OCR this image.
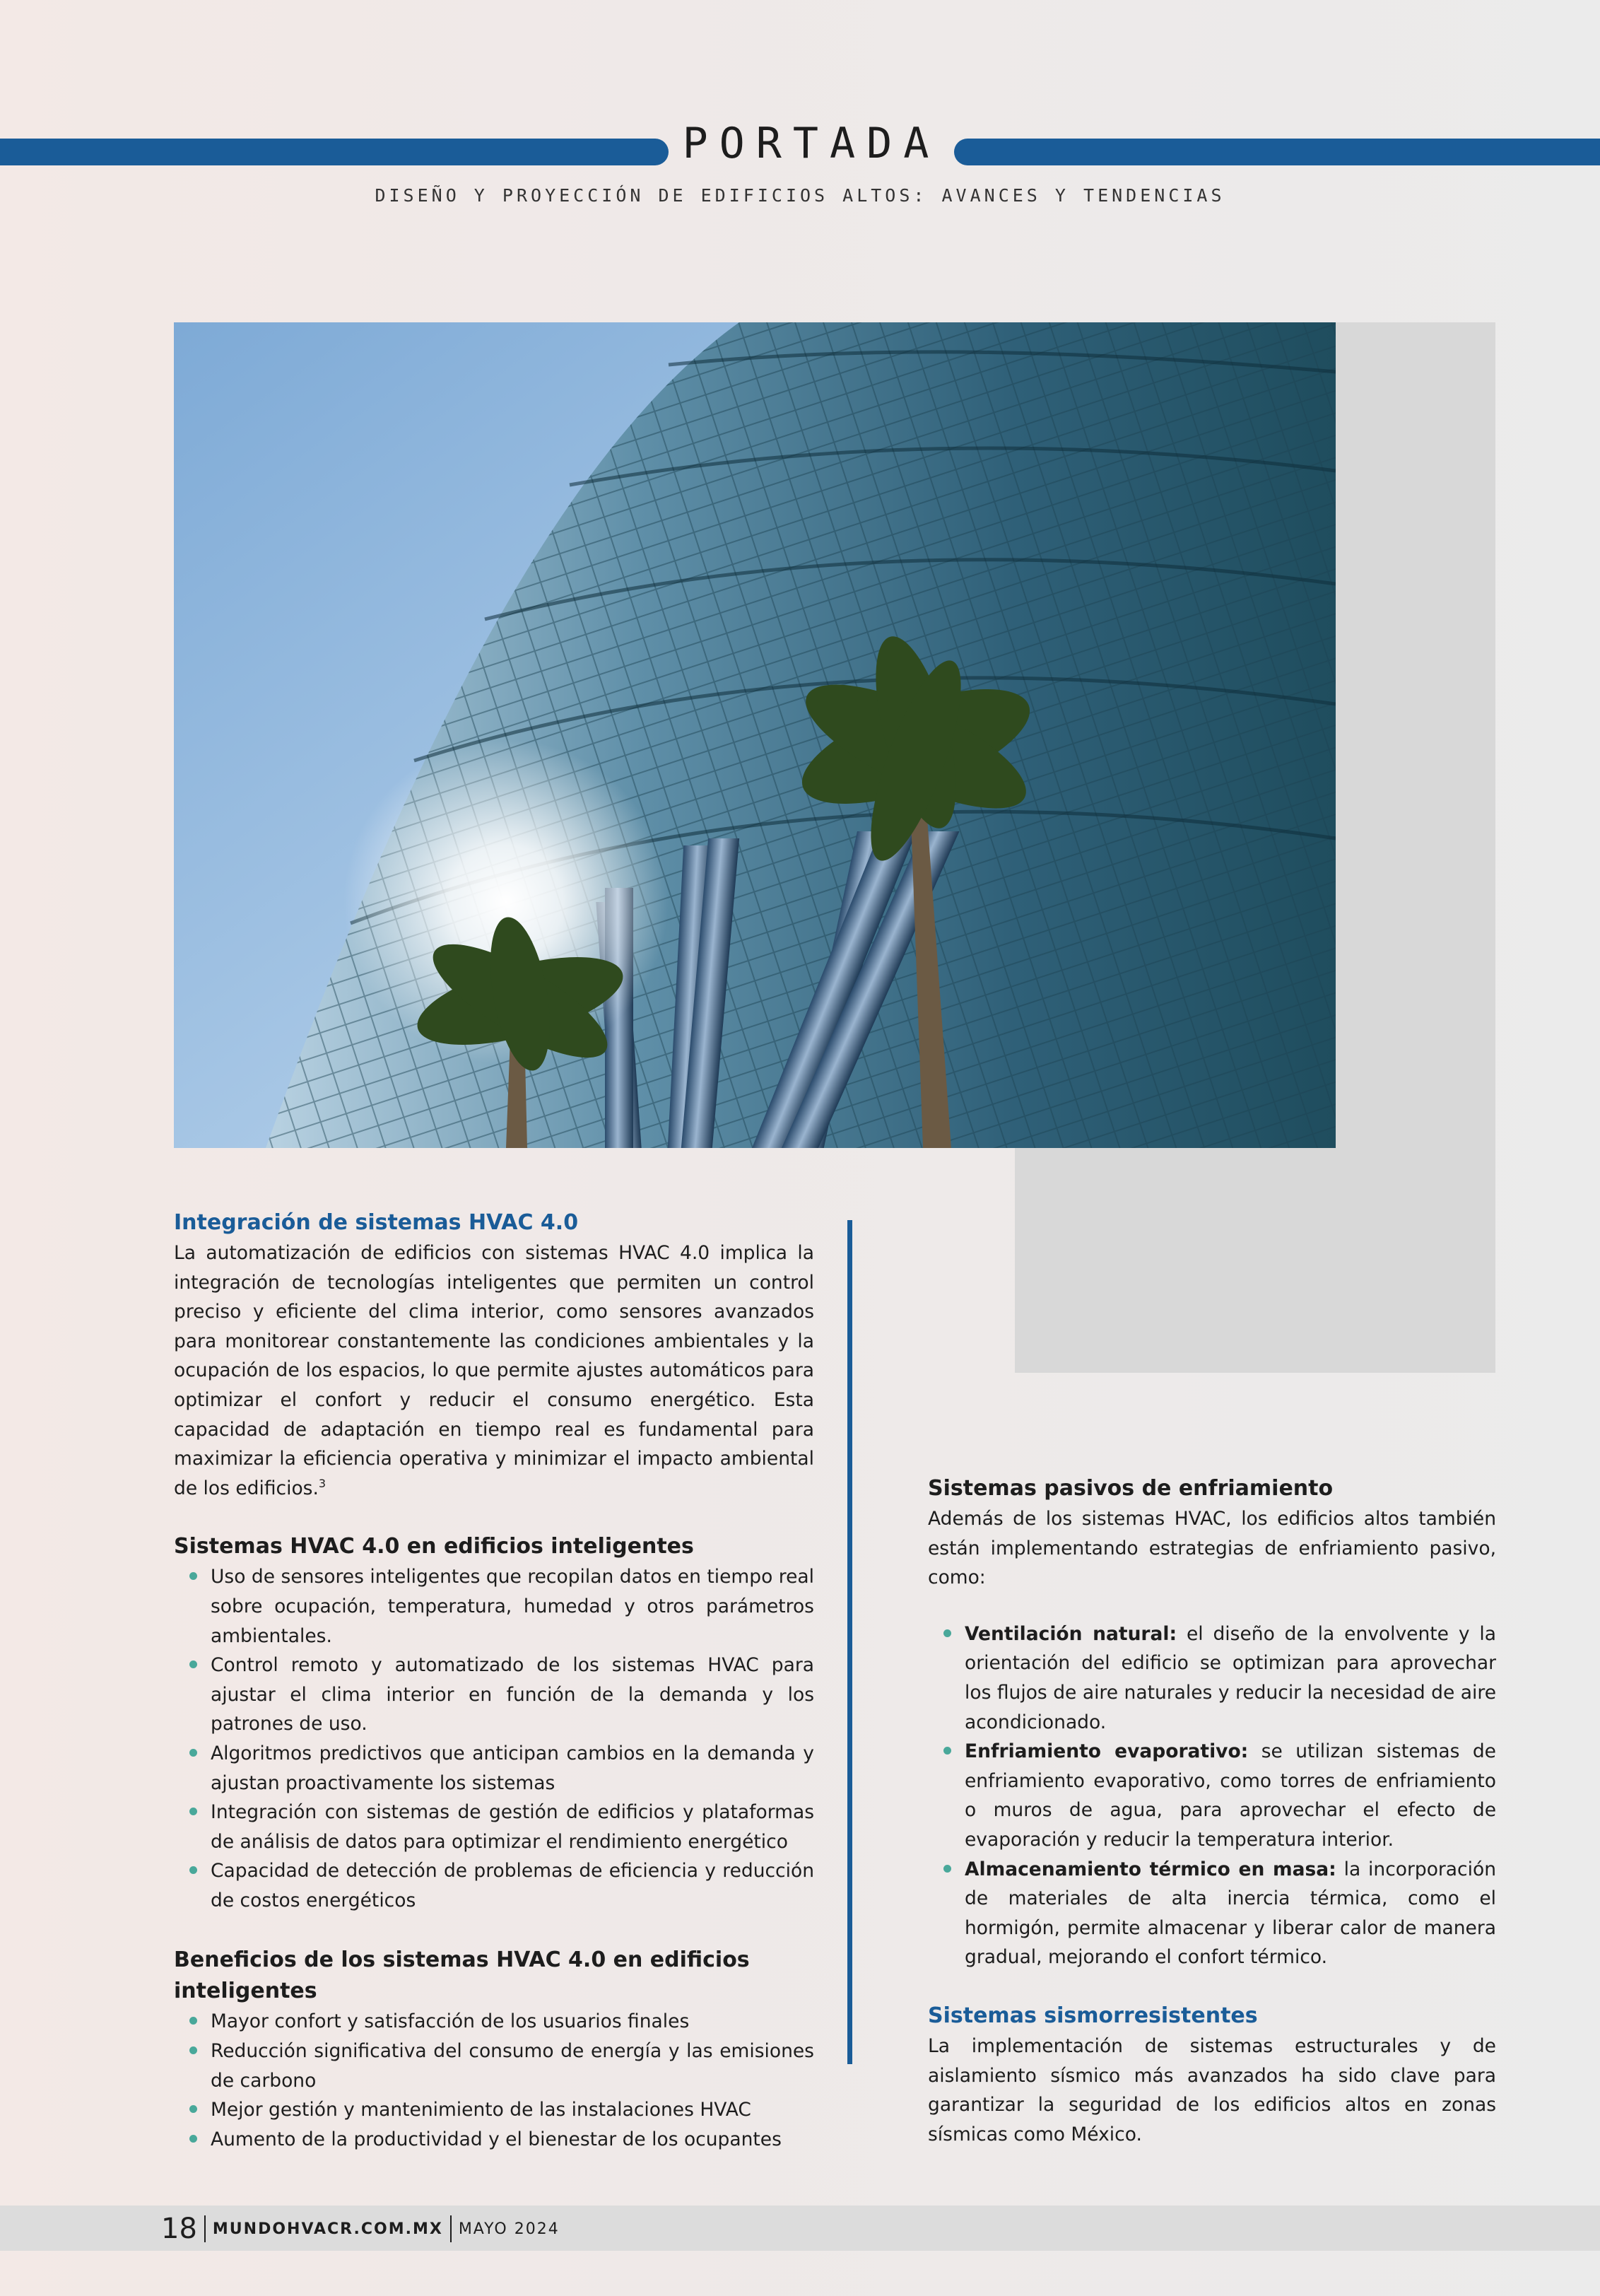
PORTADA
DISEÑO Y PROYECCIÓN DE EDIFICIOS ALTOS: AVANCES Y TENDENCIAS
Integración de sistemas HVAC 4.0

La automatización de edificios con sistemas HVAC 4.0 implica la integración de tecnologías inteligentes que permiten un control preciso y eficiente del clima interior, como sensores avanzados para monitorear constantemente las condiciones ambientales y la ocupación de los espacios, lo que permite ajustes automáticos para optimizar el confort y reducir el consumo energético. Esta capacidad de adaptación en tiempo real es fundamental para maximizar la eficiencia operativa y minimizar el impacto ambiental de los edificios.$^3$

Sistemas HVAC 4.0 en edificios inteligentes
Uso de sensores inteligentes que recopilan datos en tiempo real sobre ocupación, temperatura, humedad y otros parámetros ambientales.
Control remoto y automatizado de los sistemas HVAC para ajustar el clima interior en función de la demanda y los patrones de uso.
Algoritmos predictivos que anticipan cambios en la demanda y ajustan proactivamente los sistemas
Integración con sistemas de gestión de edificios y plataformas de análisis de datos para optimizar el rendimiento energético
Capacidad de detección de problemas de eficiencia y reducción de costos energéticos
Beneficios de los sistemas HVAC 4.0 en edificios inteligentes
Mayor confort y satisfacción de los usuarios finales
Reducción significativa del consumo de energía y las emisiones de carbono
Mejor gestión y mantenimiento de las instalaciones HVAC
Aumento de la productividad y el bienestar de los ocupantes
Sistemas pasivos de enfriamiento

Además de los sistemas HVAC, los edificios altos también están implementando estrategias de enfriamiento pasivo, como:

Ventilación natural: el diseño de la envolvente y la orientación del edificio se optimizan para aprovechar los flujos de aire naturales y reducir la necesidad de aire acondicionado.
Enfriamiento evaporativo: se utilizan sistemas de enfriamiento evaporativo, como torres de enfriamiento o muros de agua, para aprovechar el efecto de evaporación y reducir la temperatura interior.
Almacenamiento térmico en masa: la incorporación de materiales de alta inercia térmica, como el hormigón, permite almacenar y liberar calor de manera gradual, mejorando el confort térmico.
Sistemas sismorresistentes

La implementación de sistemas estructurales y de aislamiento sísmico más avanzados ha sido clave para garantizar la seguridad de los edificios altos en zonas sísmicas como México.

18 MUNDOHVACR.COM.MX MAYO 2024
